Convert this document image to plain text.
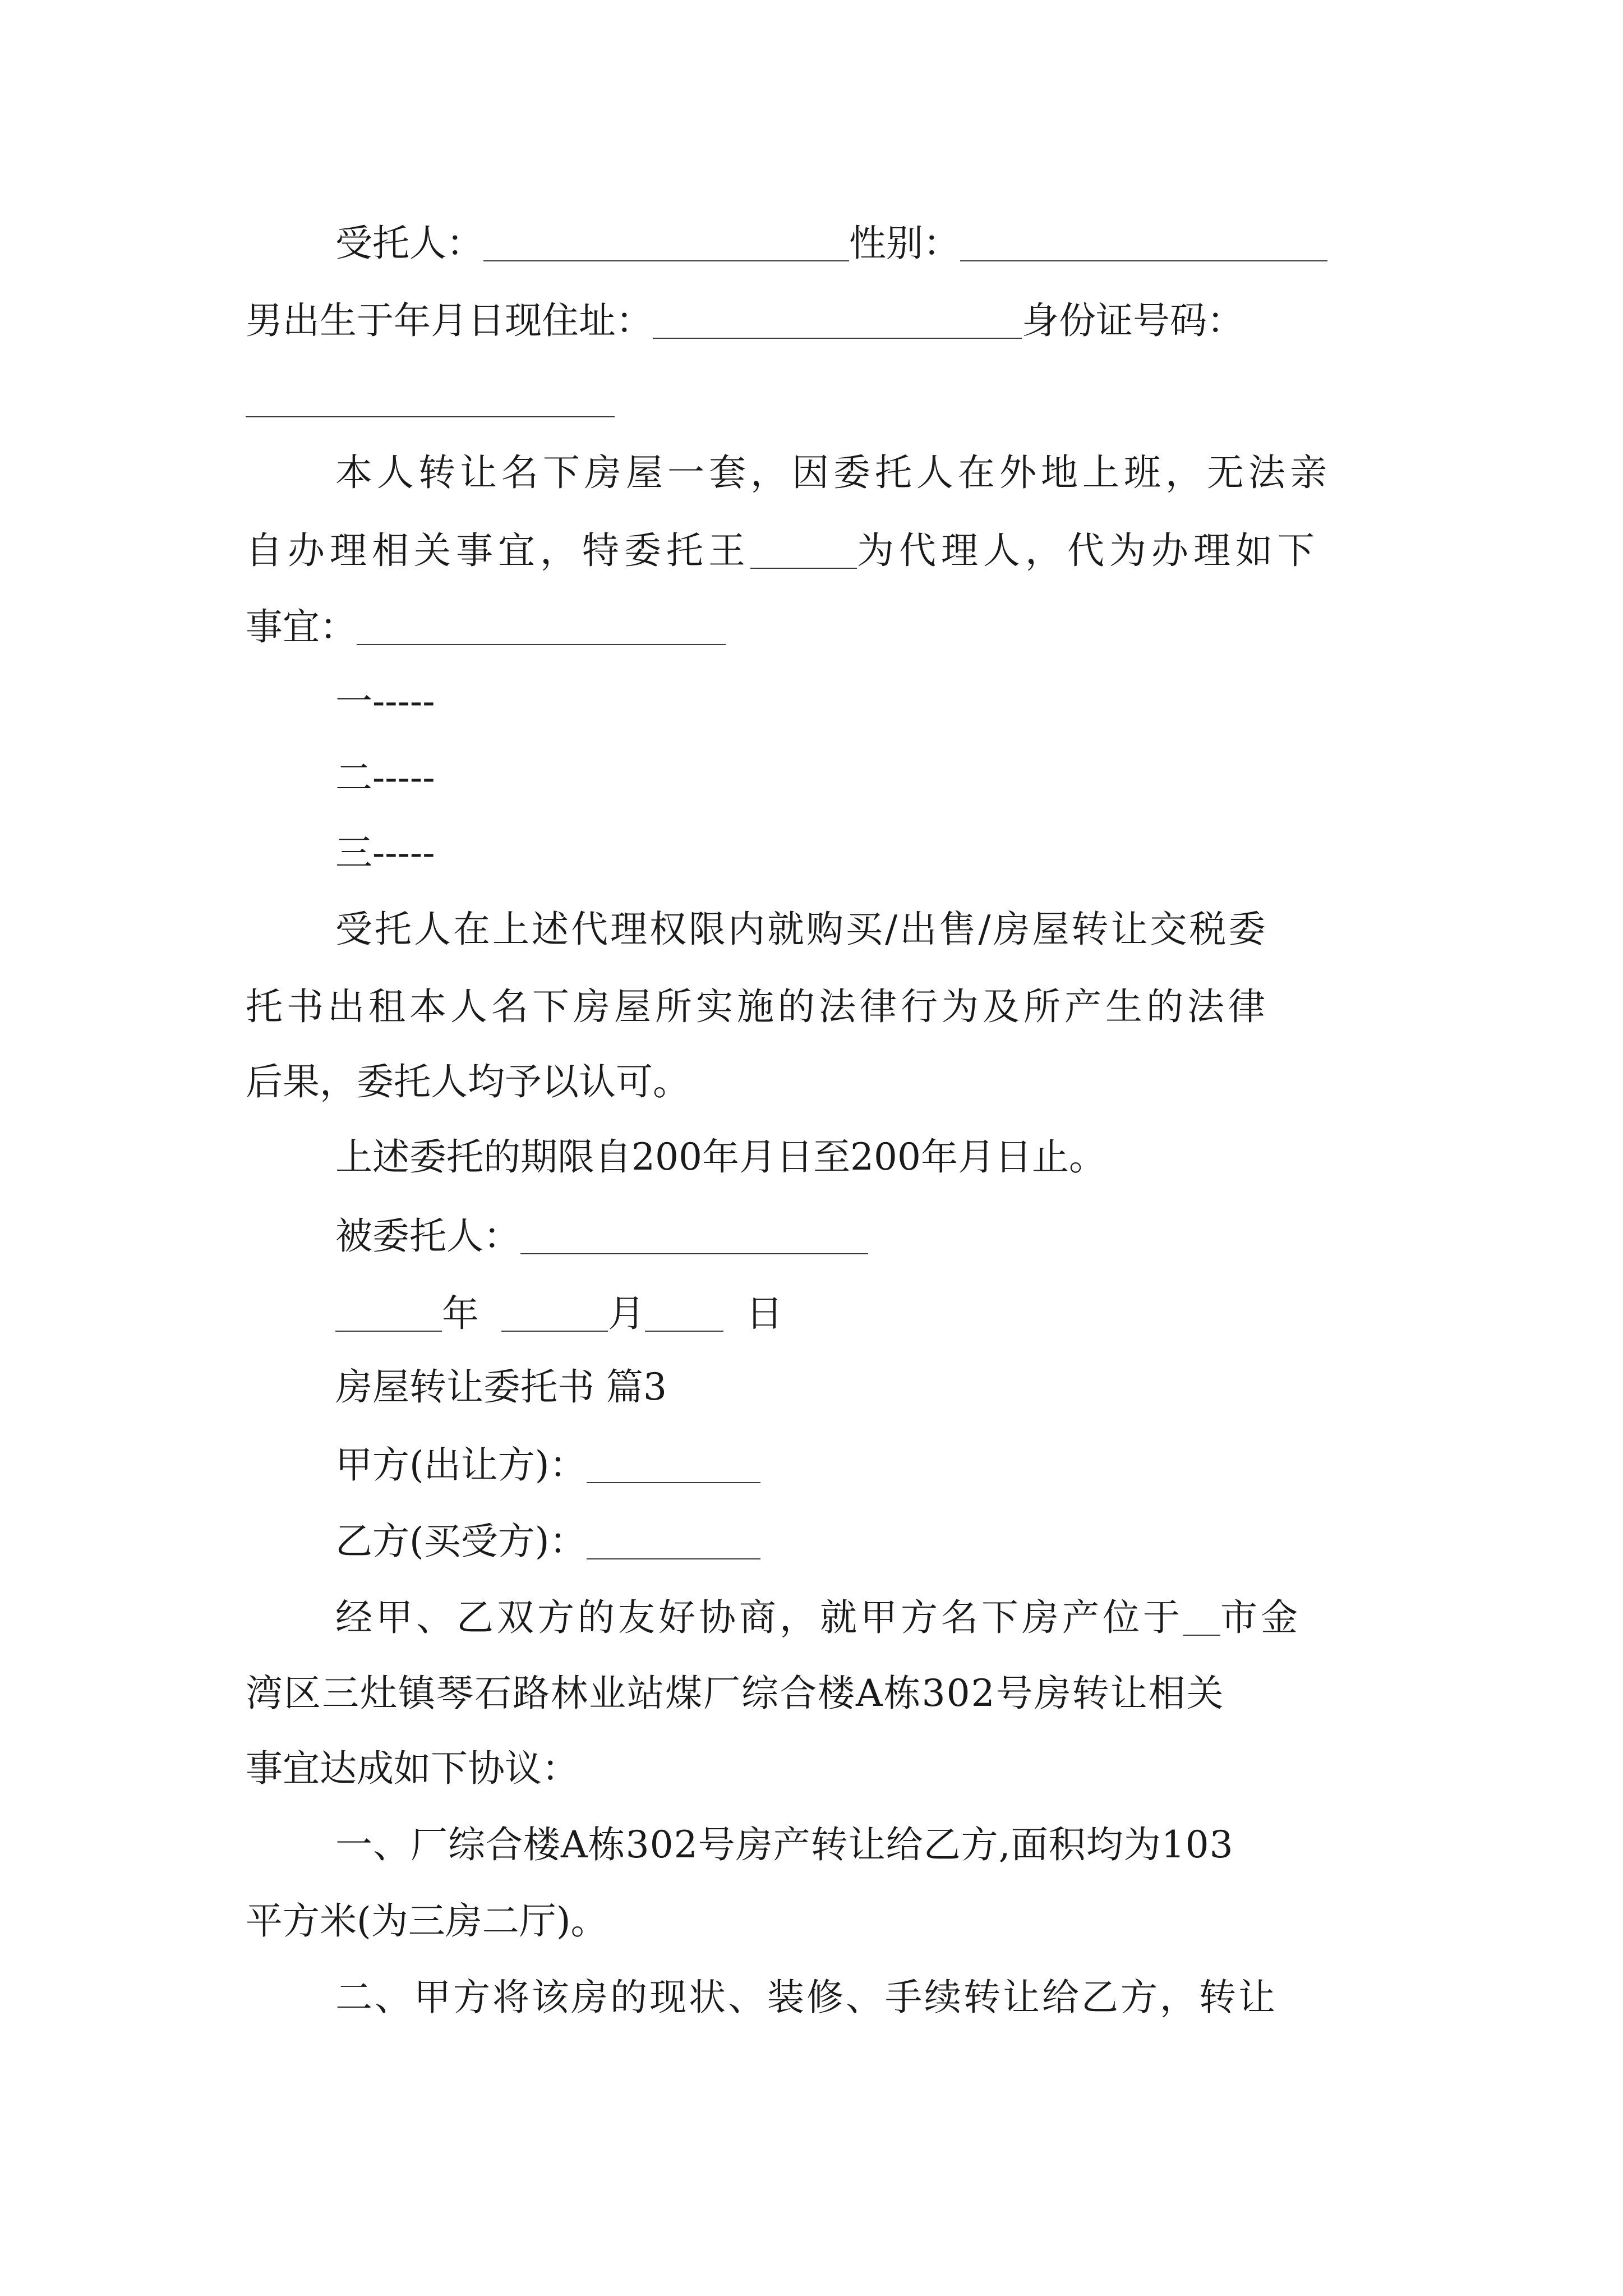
受托人：	性别：
男出生于年月日现住址：	身份证号码：
本人转让名下房屋一套，因委托人在外地上班，无法亲
自办理相关事宜，特委托王	为代理人，代为办理如下
事宜：
一-----
二-----
三-----
受托人在上述代理权限内就购买/出售/房屋转让交税委
托书出租本人名下房屋所实施的法律行为及所产生的法律
后果，委托人均予以认可。
上述委托的期限自200年月日至200年月日止。
被委托人：
年	月	日
房屋转让委托书 篇3
甲方(出让方)：
乙方(买受方)：
经甲、乙双方的友好协商，就甲方名下房产位于 市金
湾区三灶镇琴石路林业站煤厂综合楼A栋302号房转让相关
事宜达成如下协议：
一、厂综合楼A栋302号房产转让给乙方,面积均为103
平方米(为三房二厅)。
二、甲方将该房的现状、装修、手续转让给乙方，转让
